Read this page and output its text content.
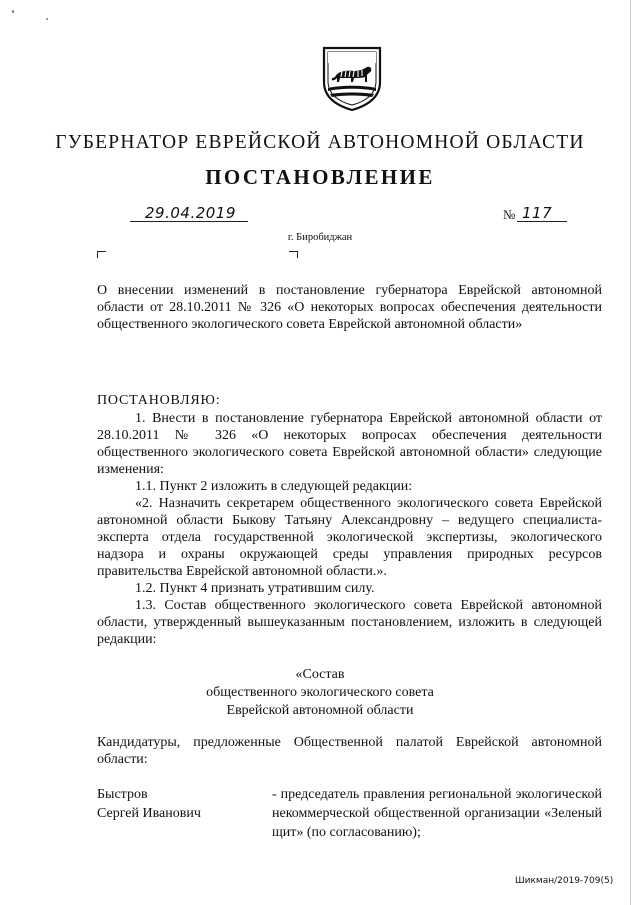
ГУБЕРНАТОР ЕВРЕЙСКОЙ АВТОНОМНОЙ ОБЛАСТИ
ПОСТАНОВЛЕНИЕ
29.04.2019	№ 117
г. Биробиджан

О внесении изменений в постановление губернатора Еврейской автономной области от 28.10.2011 № 326 «О некоторых вопросах обеспечения деятельности общественного экологического совета Еврейской автономной области»

ПОСТАНОВЛЯЮ:

1. Внести в постановление губернатора Еврейской автономной области от 28.10.2011 № 326 «О некоторых вопросах обеспечения деятельности общественного экологического совета Еврейской автономной области» следующие изменения:

1.1. Пункт 2 изложить в следующей редакции:

«2. Назначить секретарем общественного экологического совета Еврейской автономной области Быкову Татьяну Александровну – ведущего специалиста-эксперта отдела государственной экологической экспертизы, экологического надзора и охраны окружающей среды управления природных ресурсов правительства Еврейской автономной области.».

1.2. Пункт 4 признать утратившим силу.

1.3. Состав общественного экологического совета Еврейской автономной области, утвержденный вышеуказанным постановлением, изложить в следующей редакции:

«Состав
общественного экологического совета
Еврейской автономной области

Кандидатуры, предложенные Общественной палатой Еврейской автономной области:

Быстров
Сергей Иванович

- председатель правления региональной экологической некоммерческой общественной организации «Зеленый щит» (по согласованию);

Шикман/2019-709(5)
